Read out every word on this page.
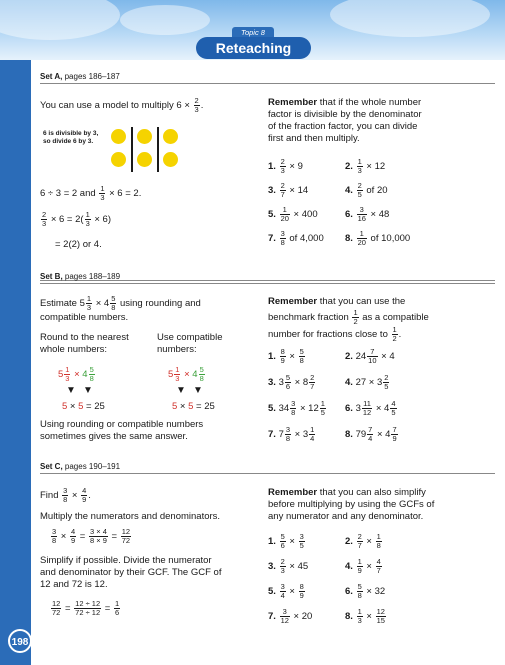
Topic 8
Reteaching
198
Set A, pages 186–187
You can use a model to multiply $6 \times \frac{2}{3}$ .
6 is divisible by 3,
so divide 6 by 3.
6 ÷ 3 = 2 and $\frac{1}{3} \times 6 = 2$.
$\frac{2}{3} \times 6 = 2( \frac{1}{3} \times 6)$
= 2(2) or 4.
Remember that if the whole number
factor is divisible by the denominator
of the fraction factor, you can divide
first and then multiply.
1. $\frac{2}{3} \times 9$	2. $\frac{1}{3} \times 12$
3. $\frac{2}{7} \times 14$	4. $\frac{2}{5}$ of 20
5. $\frac{1}{20} \times 400$	6. $\frac{3}{16} \times 48$
7. $\frac{3}{8}$ of 4,000 8. $\frac{1}{20}$ of 10,000
Set B, pages 188–189
Estimate $5 \frac{1}{3} \times 4 \frac{5}{8}$ using rounding and
compatible numbers.
Round to the nearest
whole numbers:
Use compatible
numbers:
$5 \frac{1}{3} \times 4 \frac{5}{8}$	$5 \frac{1}{3} \times 4 \frac{5}{8}$
▼ ▼	▼ ▼
5 × 5 = 25	5 × 5 = 25
Using rounding or compatible numbers
sometimes gives the same answer.
Remember that you can use the
benchmark fraction $\frac{1}{2}$ as a compatible
number for fractions close to $\frac{1}{2}$ .
1. $\frac{8}{9} \times \frac{5}{8}$	2. $24 \frac{7}{10} \times 4$
3. $3 \frac{5}{6} \times 8 \frac{2}{7}$	4. $27 \times 3 \frac{2}{5}$
5. $34 \frac{3}{8} \times 12 \frac{1}{5} 6$. $3 \frac{11}{12} \times 4 \frac{4}{5}$
7. $7 \frac{3}{8} \times 3 \frac{1}{4}$	8. $79 \frac{7}{4} \times 4 \frac{7}{9}$
Set C, pages 190–191
Find $\frac{3}{8} \times \frac{4}{9}$ .
Multiply the numerators and denominators.
$\frac{3}{8} \times \frac{4}{9} = \frac{3 \times 4}{8 \times 9} = \frac{12}{72}$
Simplify if possible. Divide the numerator
and denominator by their GCF. The GCF of
12 and 72 is 12.
$\frac{12}{72} = \frac{12 \div 12}{72 \div 12} = \frac{1}{6}$
Remember that you can also simplify
before multiplying by using the GCFs of
any numerator and any denominator.
1. $\frac{5}{6} \times \frac{3}{5}$	2. $\frac{2}{7} \times \frac{1}{8}$
3. $\frac{2}{3} \times 45$	4. $\frac{1}{9} \times \frac{4}{7}$
5. $\frac{3}{4} \times \frac{8}{9}$	6. $\frac{5}{8} \times 32$
7. $\frac{3}{12} \times 20$	8. $\frac{1}{3} \times \frac{12}{15}$
